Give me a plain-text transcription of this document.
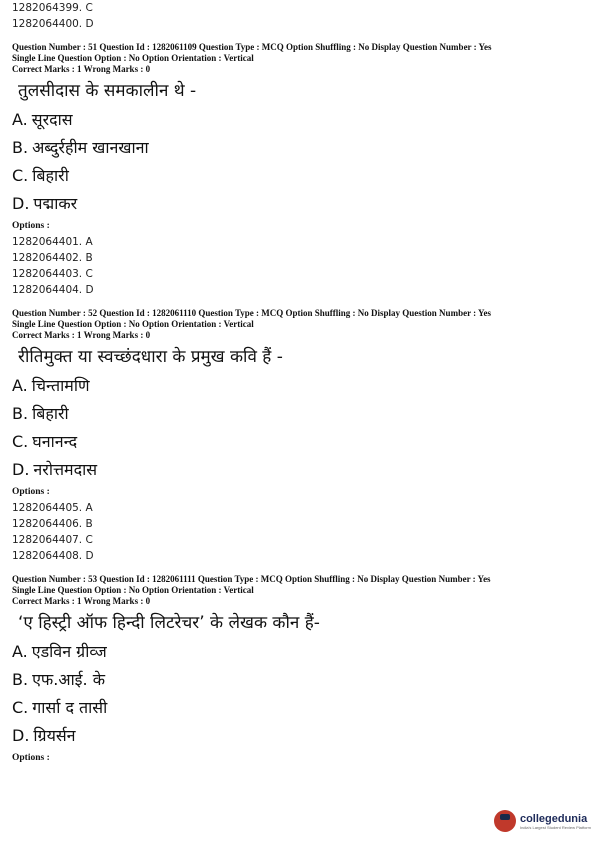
1282064399. C

1282064400. D

Question Number : 51 Question Id : 1282061109 Question Type : MCQ Option Shuffling : No Display Question Number : Yes

Single Line Question Option : No Option Orientation : Vertical

Correct Marks : 1 Wrong Marks : 0

तुलसीदास के समकालीन थे -

A. सूरदास

B. अब्दुर्रहीम खानखाना

C. बिहारी

D. पद्माकर

Options :

1282064401. A

1282064402. B

1282064403. C

1282064404. D

Question Number : 52 Question Id : 1282061110 Question Type : MCQ Option Shuffling : No Display Question Number : Yes

Single Line Question Option : No Option Orientation : Vertical

Correct Marks : 1 Wrong Marks : 0

रीतिमुक्त या स्वच्छंदधारा के प्रमुख कवि हैं -

A. चिन्तामणि

B. बिहारी

C. घनानन्द

D. नरोत्तमदास

Options :

1282064405. A

1282064406. B

1282064407. C

1282064408. D

Question Number : 53 Question Id : 1282061111 Question Type : MCQ Option Shuffling : No Display Question Number : Yes

Single Line Question Option : No Option Orientation : Vertical

Correct Marks : 1 Wrong Marks : 0

‘ए हिस्ट्री ऑफ हिन्दी लिटरेचर’ के लेखक कौन हैं-

A. एडविन ग्रीव्ज

B. एफ.आई. के

C. गार्सा द तासी

D. ग्रियर्सन

Options :

collegedunia
India's Largest Student Review Platform
